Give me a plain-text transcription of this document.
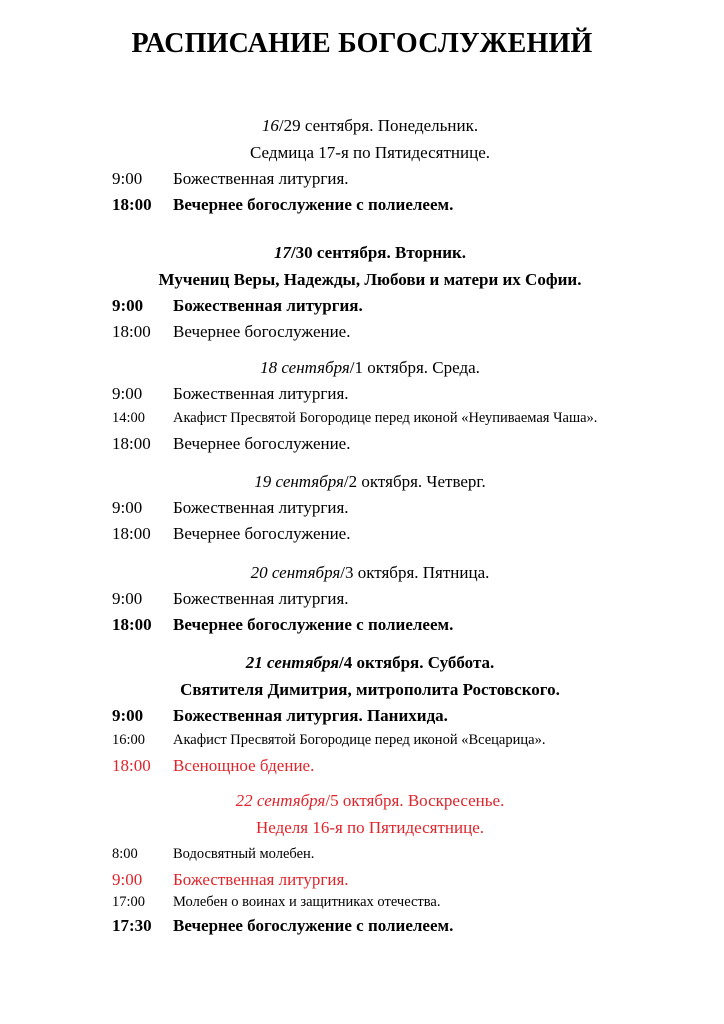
РАСПИСАНИЕ БОГОСЛУЖЕНИЙ
16/29 сентября. Понедельник.
Седмица 17-я по Пятидесятнице.
9:00 Божественная литургия.
18:00 Вечернее богослужение с полиелеем.
17/30 сентября. Вторник.
Мучениц Веры, Надежды, Любови и матери их Софии.
9:00 Божественная литургия.
18:00 Вечернее богослужение.
18 сентября/1 октября. Среда.
9:00 Божественная литургия.
14:00 Акафист Пресвятой Богородице перед иконой «Неупиваемая Чаша».
18:00 Вечернее богослужение.
19 сентября/2 октября. Четверг.
9:00 Божественная литургия.
18:00 Вечернее богослужение.
20 сентября/3 октября. Пятница.
9:00 Божественная литургия.
18:00 Вечернее богослужение с полиелеем.
21 сентября/4 октября. Суббота.
Святителя Димитрия, митрополита Ростовского.
9:00 Божественная литургия. Панихида.
16:00 Акафист Пресвятой Богородице перед иконой «Всецарица».
18:00 Всенощное бдение.
22 сентября/5 октября. Воскресенье.
Неделя 16-я по Пятидесятнице.
8:00 Водосвятный молебен.
9:00 Божественная литургия.
17:00 Молебен о воинах и защитниках отечества.
17:30 Вечернее богослужение с полиелеем.
